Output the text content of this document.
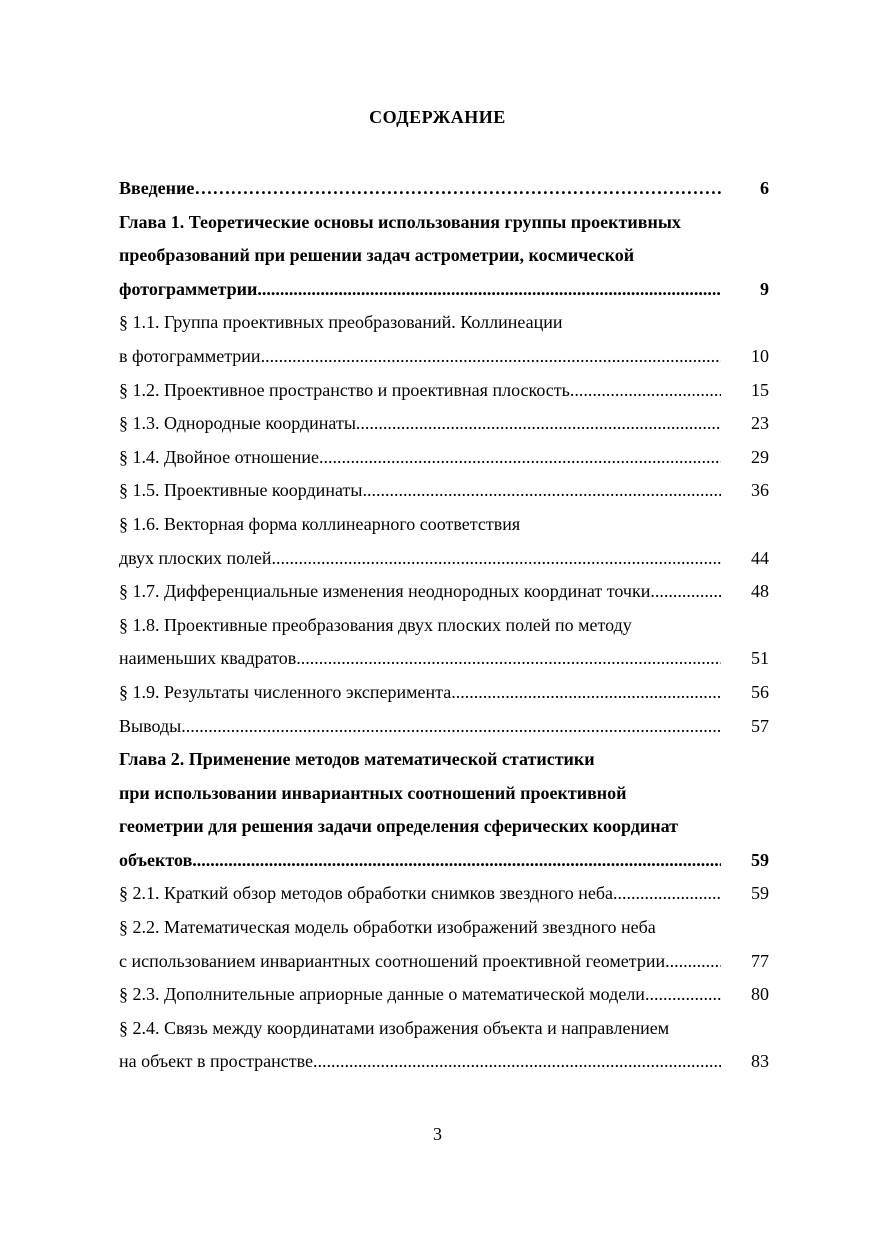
СОДЕРЖАНИЕ
Введение ………………………………………………………………………………………………………………………………………………………	6
Глава 1. Теоретические основы использования группы проективных
преобразований при решении задач астрометрии, космической
фотограмметрии .....	9
§ 1.1. Группа проективных преобразований. Коллинеации
в фотограмметрии .....	10
§ 1.2. Проективное пространство и проективная плоскость .....	15
§ 1.3. Однородные координаты .....	23
§ 1.4. Двойное отношение .....	29
§ 1.5. Проективные координаты .....	36
§ 1.6. Векторная форма коллинеарного соответствия
двух плоских полей .....	44
§ 1.7. Дифференциальные изменения неоднородных координат точки .....	48
§ 1.8. Проективные преобразования двух плоских полей по методу
наименьших квадратов .....	51
§ 1.9. Результаты численного эксперимента .....	56
Выводы .....	57
Глава 2. Применение методов математической статистики
при использовании инвариантных соотношений проективной
геометрии для решения задачи определения сферических координат
объектов .....	59
§ 2.1. Краткий обзор методов обработки снимков звездного неба .....	59
§ 2.2. Математическая модель обработки изображений звездного неба
с использованием инвариантных соотношений проективной геометрии .....	77
§ 2.3. Дополнительные априорные данные о математической модели .....	80
§ 2.4. Связь между координатами изображения объекта и направлением
на объект в пространстве .....	83
3
